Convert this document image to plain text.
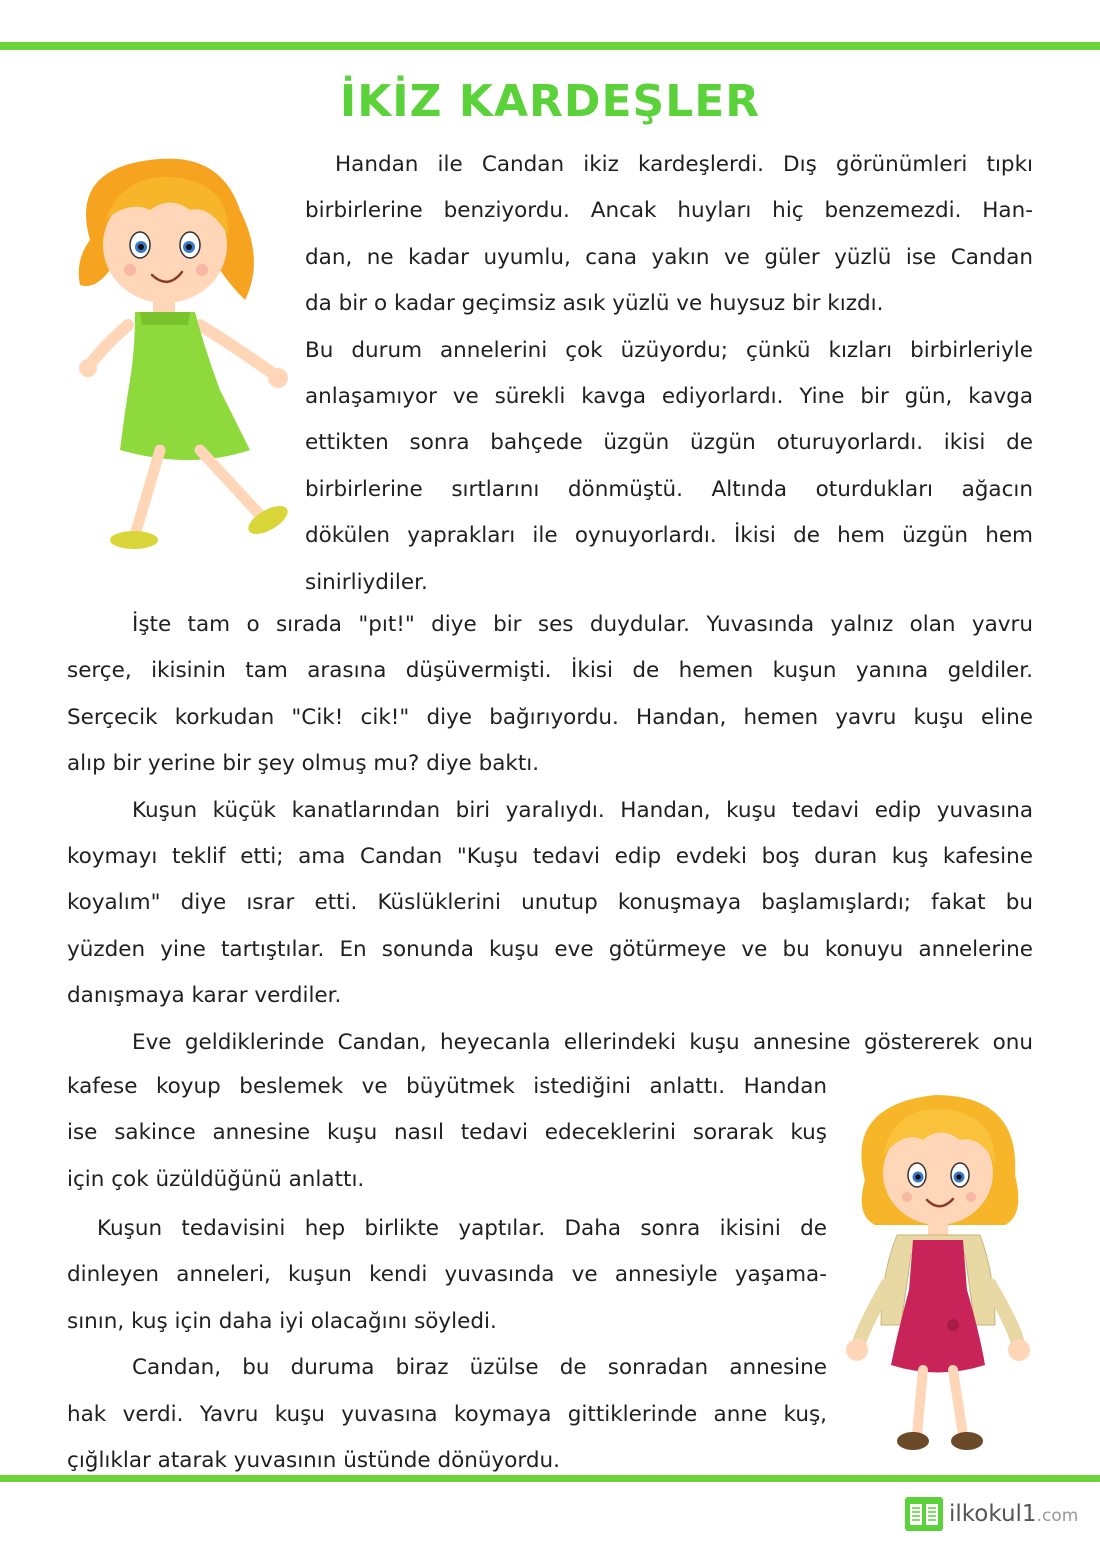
İKİZ KARDEŞLER

Handan ile Candan ikiz kardeşlerdi. Dış görünümleri tıpkı
birbirlerine benziyordu. Ancak huyları hiç benzemezdi. Han-
dan, ne kadar uyumlu, cana yakın ve güler yüzlü ise Candan
da bir o kadar geçimsiz asık yüzlü ve huysuz bir kızdı.
Bu durum annelerini çok üzüyordu; çünkü kızları birbirleriyle
anlaşamıyor ve sürekli kavga ediyorlardı. Yine bir gün, kavga
ettikten sonra bahçede üzgün üzgün oturuyorlardı. ikisi de
birbirlerine sırtlarını dönmüştü. Altında oturdukları ağacın
dökülen yaprakları ile oynuyorlardı. İkisi de hem üzgün hem
sinirliydiler.

İşte tam o sırada "pıt!" diye bir ses duydular. Yuvasında yalnız olan yavru
serçe, ikisinin tam arasına düşüvermişti. İkisi de hemen kuşun yanına geldiler.
Serçecik korkudan "Cik! cik!" diye bağırıyordu. Handan, hemen yavru kuşu eline
alıp bir yerine bir şey olmuş mu? diye baktı.
Kuşun küçük kanatlarından biri yaralıydı. Handan, kuşu tedavi edip yuvasına
koymayı teklif etti; ama Candan "Kuşu tedavi edip evdeki boş duran kuş kafesine
koyalım" diye ısrar etti. Küslüklerini unutup konuşmaya başlamışlardı; fakat bu
yüzden yine tartıştılar. En sonunda kuşu eve götürmeye ve bu konuyu annelerine
danışmaya karar verdiler.
Eve geldiklerinde Candan, heyecanla ellerindeki kuşu annesine göstererek onu

kafese koyup beslemek ve büyütmek istediğini anlattı. Handan
ise sakince annesine kuşu nasıl tedavi edeceklerini sorarak kuş
için çok üzüldüğünü anlattı.

Kuşun tedavisini hep birlikte yaptılar. Daha sonra ikisini de
dinleyen anneleri, kuşun kendi yuvasında ve annesiyle yaşama-
sının, kuş için daha iyi olacağını söyledi.
Candan, bu duruma biraz üzülse de sonradan annesine
hak verdi. Yavru kuşu yuvasına koymaya gittiklerinde anne kuş,
çığlıklar atarak yuvasının üstünde dönüyordu.

ilkokul1.com
